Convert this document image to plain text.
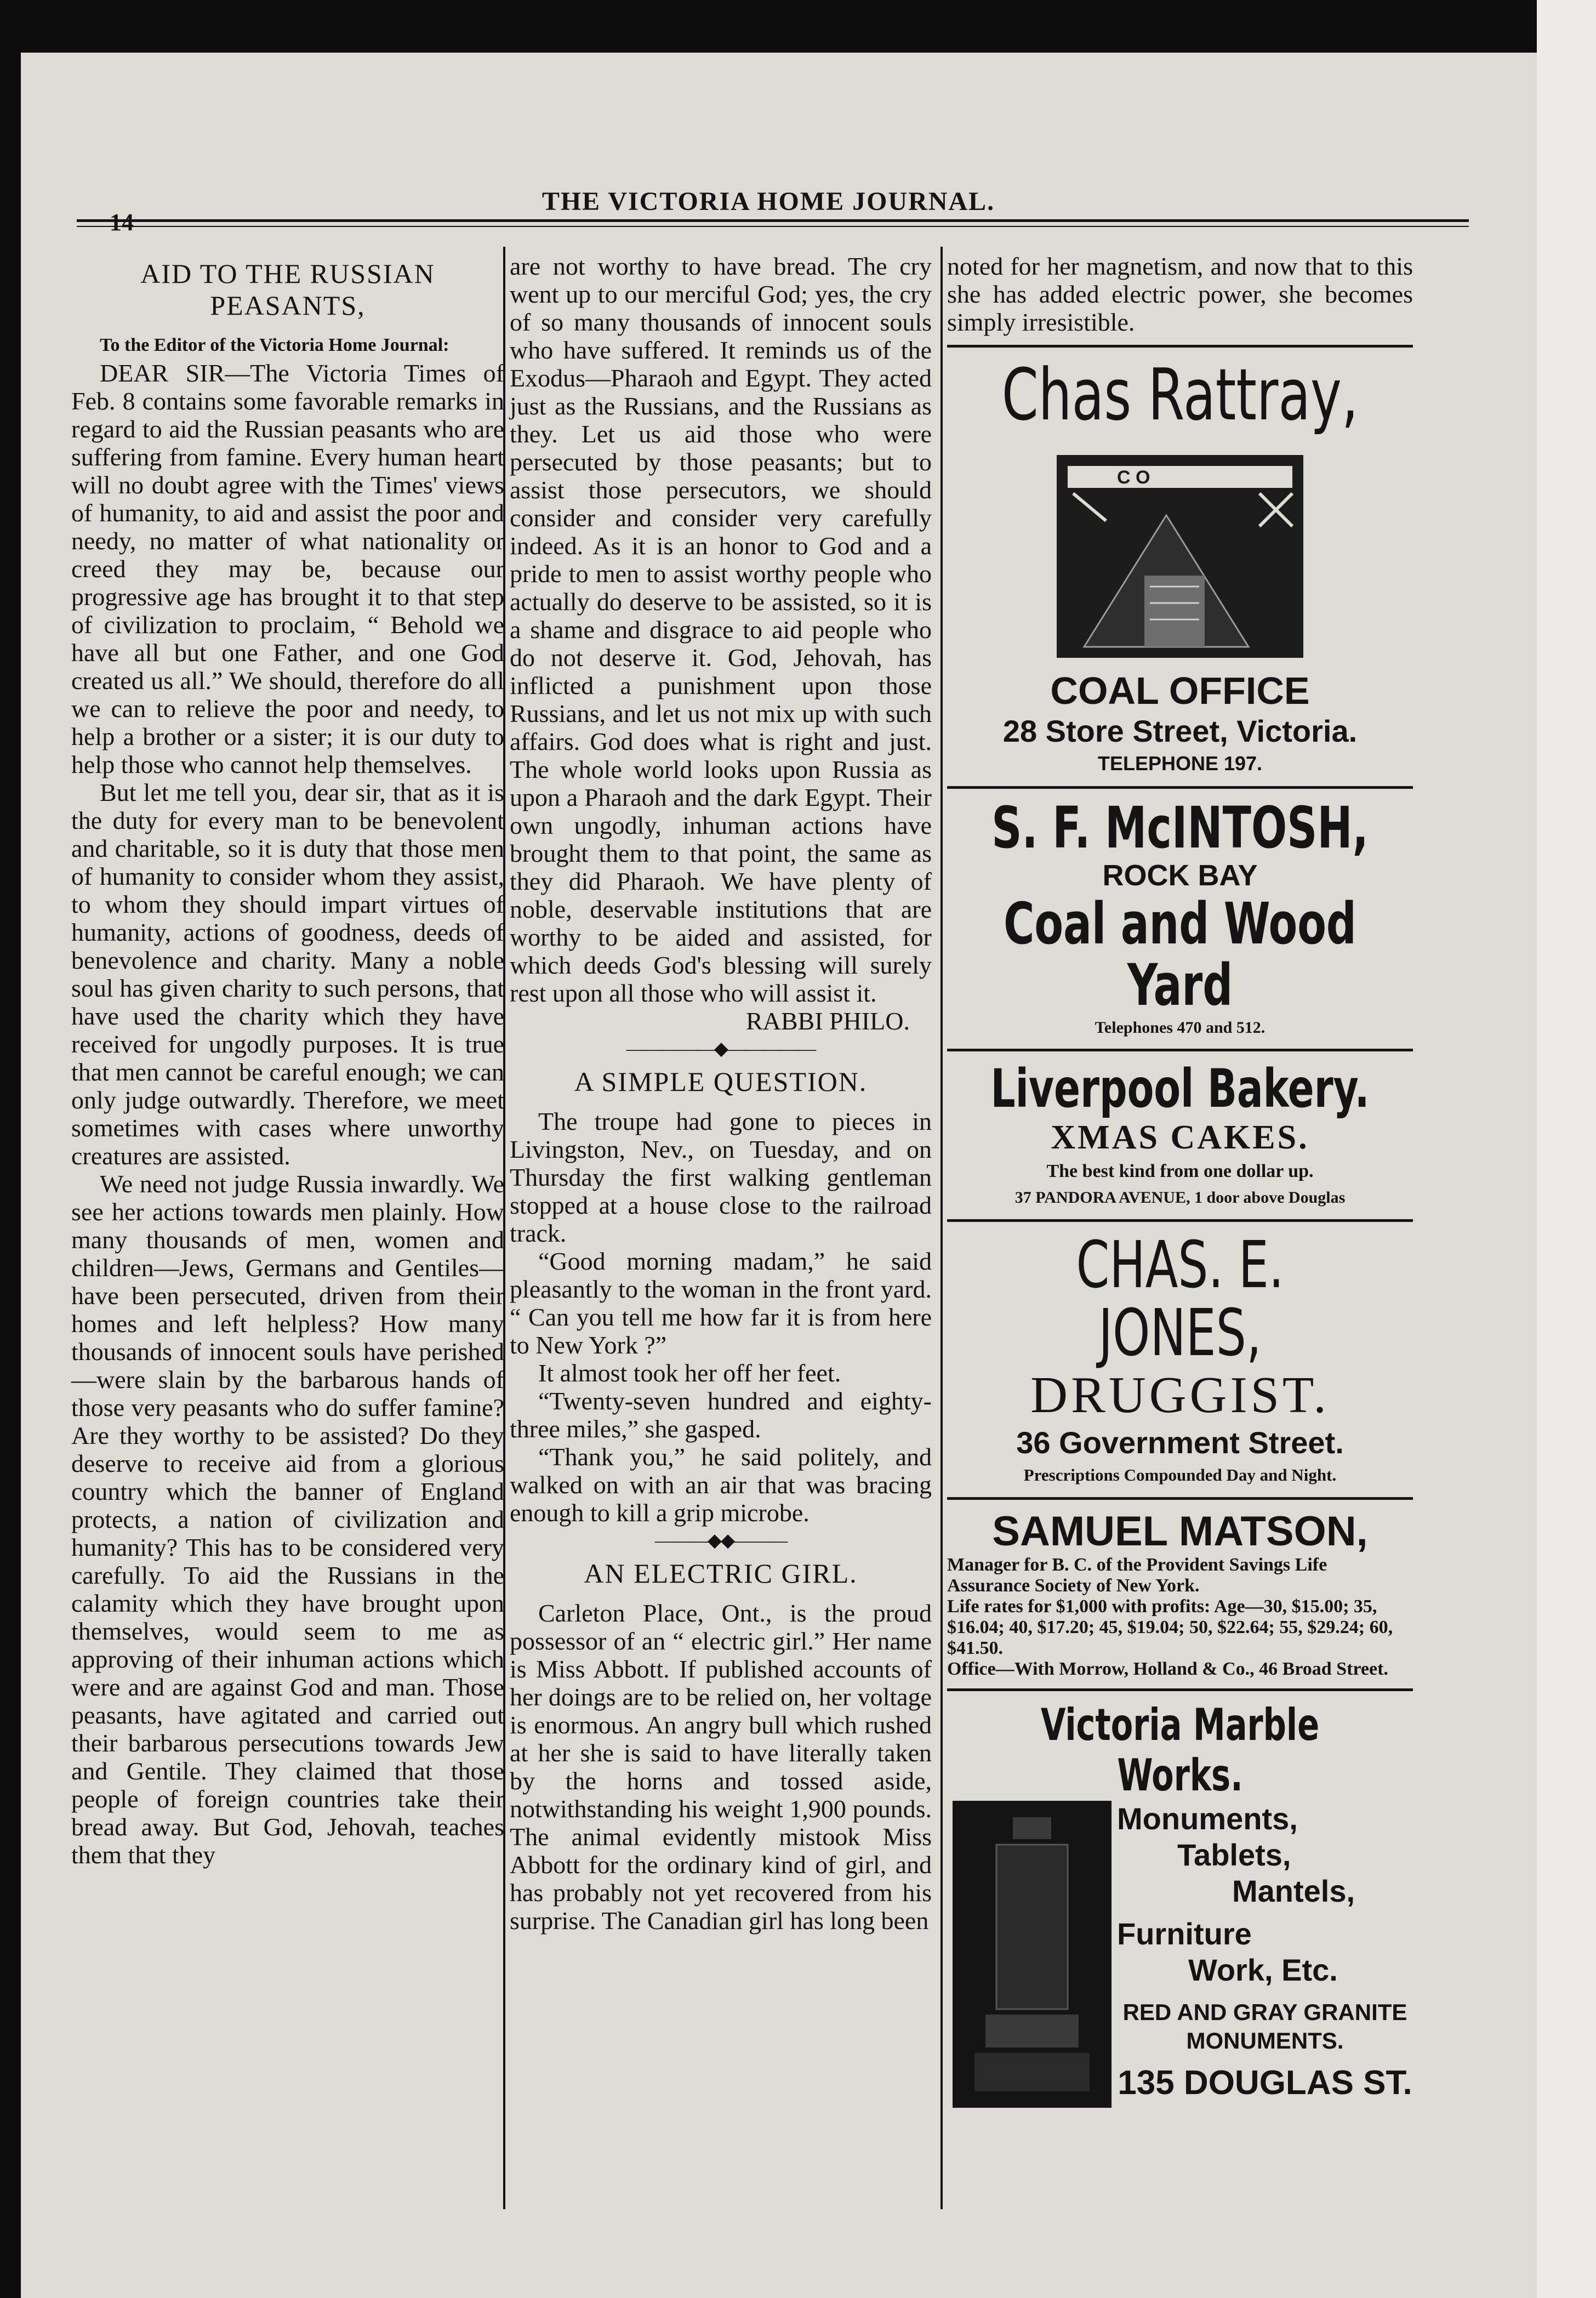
14
THE VICTORIA HOME JOURNAL.
AID TO THE RUSSIAN PEASANTS,

To the Editor of the Victoria Home Journal:

DEAR SIR—The Victoria Times of Feb. 8 contains some favorable remarks in regard to aid the Russian peasants who are suffering from famine. Every human heart will no doubt agree with the Times' views of humanity, to aid and assist the poor and needy, no matter of what nationality or creed they may be, because our progressive age has brought it to that step of civilization to proclaim, “ Behold we have all but one Father, and one God created us all.” We should, therefore do all we can to relieve the poor and needy, to help a brother or a sister; it is our duty to help those who cannot help themselves.

But let me tell you, dear sir, that as it is the duty for every man to be benevolent and charitable, so it is duty that those men of humanity to consider whom they assist, to whom they should impart virtues of humanity, actions of goodness, deeds of benevolence and charity. Many a noble soul has given charity to such persons, that have used the charity which they have received for ungodly purposes. It is true that men cannot be careful enough; we can only judge outwardly. Therefore, we meet sometimes with cases where unworthy creatures are assisted.

We need not judge Russia inwardly. We see her actions towards men plainly. How many thousands of men, women and children—Jews, Germans and Gentiles—have been persecuted, driven from their homes and left helpless? How many thousands of innocent souls have perished—were slain by the barbarous hands of those very peasants who do suffer famine? Are they worthy to be assisted? Do they deserve to receive aid from a glorious country which the banner of England protects, a nation of civilization and humanity? This has to be considered very carefully. To aid the Russians in the calamity which they have brought upon themselves, would seem to me as approving of their inhuman actions which were and are against God and man. Those peasants, have agitated and carried out their barbarous persecutions towards Jew and Gentile. They claimed that those people of foreign countries take their bread away. But God, Jehovah, teaches them that they

are not worthy to have bread. The cry went up to our merciful God; yes, the cry of so many thousands of innocent souls who have suffered. It reminds us of the Exodus—Pharaoh and Egypt. They acted just as the Russians, and the Russians as they. Let us aid those who were persecuted by those peasants; but to assist those persecutors, we should consider and consider very carefully indeed. As it is an honor to God and a pride to men to assist worthy people who actually do deserve to be assisted, so it is a shame and disgrace to aid people who do not deserve it. God, Jehovah, has inflicted a punishment upon those Russians, and let us not mix up with such affairs. God does what is right and just. The whole world looks upon Russia as upon a Pharaoh and the dark Egypt. Their own ungodly, inhuman actions have brought them to that point, the same as they did Pharaoh. We have plenty of noble, deservable institutions that are worthy to be aided and assisted, for which deeds God's blessing will surely rest upon all those who will assist it.

RABBI PHILO.

―――――◆―――――
A SIMPLE QUESTION.

The troupe had gone to pieces in Livingston, Nev., on Tuesday, and on Thursday the first walking gentleman stopped at a house close to the railroad track.

“Good morning madam,” he said pleasantly to the woman in the front yard. “ Can you tell me how far it is from here to New York ?”

It almost took her off her feet.

“Twenty-seven hundred and eighty-three miles,” she gasped.

“Thank you,” he said politely, and walked on with an air that was bracing enough to kill a grip microbe.

―――◆◆―――
AN ELECTRIC GIRL.

Carleton Place, Ont., is the proud possessor of an “ electric girl.” Her name is Miss Abbott. If published accounts of her doings are to be relied on, her voltage is enormous. An angry bull which rushed at her she is said to have literally taken by the horns and tossed aside, notwithstanding his weight 1,900 pounds. The animal evidently mistook Miss Abbott for the ordinary kind of girl, and has probably not yet recovered from his surprise. The Canadian girl has long been

noted for her magnetism, and now that to this she has added electric power, she becomes simply irresistible.

Chas Rattray,
C O
COAL OFFICE
28 Store Street, Victoria.
TELEPHONE 197.
S. F. McINTOSH,
ROCK BAY
Coal and Wood Yard
Telephones 470 and 512.
Liverpool Bakery.
XMAS CAKES.
The best kind from one dollar up.
37 PANDORA AVENUE, 1 door above Douglas
CHAS. E. JONES,
DRUGGIST.
36 Government Street.
Prescriptions Compounded Day and Night.
SAMUEL MATSON,
Manager for B. C. of the Provident Savings Life Assurance Society of New York.
Life rates for $1,000 with profits: Age—30, $15.00; 35, $16.04; 40, $17.20; 45, $19.04; 50, $22.64; 55, $29.24; 60, $41.50.
Office—With Morrow, Holland & Co., 46 Broad Street.
Victoria Marble Works.
Monuments,
Tablets,
Mantels,
Furniture
Work, Etc.
RED AND GRAY GRANITE MONUMENTS.
135 DOUGLAS ST.
